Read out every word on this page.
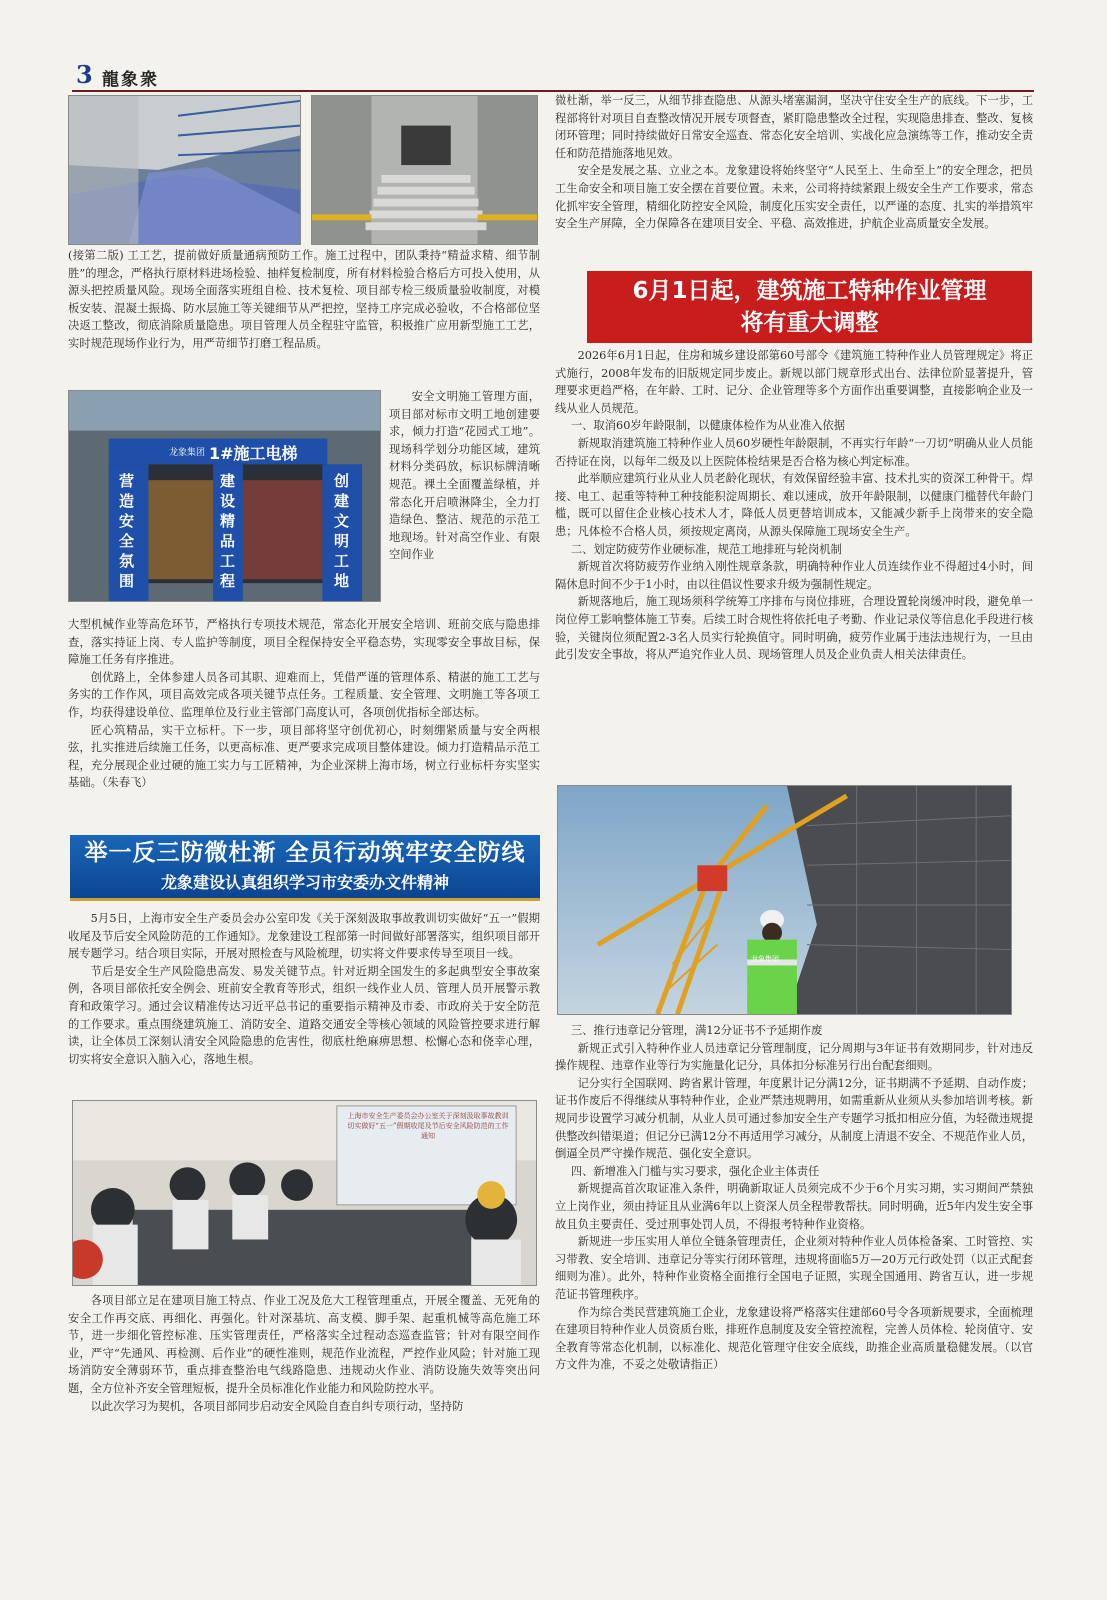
3 龍象衆

(接第二版) 工工艺，提前做好质量通病预防工作。施工过程中，团队秉持“精益求精、细节制胜”的理念，严格执行原材料进场检验、抽样复检制度，所有材料检验合格后方可投入使用，从源头把控质量风险。现场全面落实班组自检、技术复检、项目部专检三级质量验收制度，对模板安装、混凝土振捣、防水层施工等关键细节从严把控，坚持工序完成必验收，不合格部位坚决返工整改，彻底消除质量隐患。项目管理人员全程驻守监管，积极推广应用新型施工工艺，实时规范现场作业行为，用严苛细节打磨工程品质。

龙象集团 1#施工电梯
营造安全氛围
建设精品工程
创建文明工地

安全文明施工管理方面，项目部对标市文明工地创建要求，倾力打造“花园式工地”。现场科学划分功能区域，建筑材料分类码放，标识标牌清晰规范。裸土全面覆盖绿植，并常态化开启喷淋降尘，全力打造绿色、整洁、规范的示范工地现场。针对高空作业、有限空间作业

大型机械作业等高危环节，严格执行专项技术规范，常态化开展安全培训、班前交底与隐患排查，落实持证上岗、专人监护等制度，项目全程保持安全平稳态势，实现零安全事故目标，保障施工任务有序推进。

创优路上，全体参建人员各司其职、迎难而上，凭借严谨的管理体系、精湛的施工工艺与务实的工作作风，项目高效完成各项关键节点任务。工程质量、安全管理、文明施工等各项工作，均获得建设单位、监理单位及行业主管部门高度认可，各项创优指标全部达标。

匠心筑精品，实干立标杆。下一步，项目部将坚守创优初心，时刻绷紧质量与安全两根弦，扎实推进后续施工任务，以更高标准、更严要求完成项目整体建设。倾力打造精品示范工程，充分展现企业过硬的施工实力与工匠精神，为企业深耕上海市场，树立行业标杆夯实坚实基础。（朱春飞）

举一反三防微杜渐 全员行动筑牢安全防线
龙象建设认真组织学习市安委办文件精神

5月5日，上海市安全生产委员会办公室印发《关于深刻汲取事故教训切实做好“五一”假期收尾及节后安全风险防范的工作通知》。龙象建设工程部第一时间做好部署落实，组织项目部开展专题学习。结合项目实际，开展对照检查与风险梳理，切实将文件要求传导至项目一线。

节后是安全生产风险隐患高发、易发关键节点。针对近期全国发生的多起典型安全事故案例，各项目部依托安全例会、班前安全教育等形式，组织一线作业人员、管理人员开展警示教育和政策学习。通过会议精准传达习近平总书记的重要指示精神及市委、市政府关于安全防范的工作要求。重点围绕建筑施工、消防安全、道路交通安全等核心领域的风险管控要求进行解读，让全体员工深刻认清安全风险隐患的危害性，彻底杜绝麻痹思想、松懈心态和侥幸心理，切实将安全意识入脑入心，落地生根。

上海市安全生产委员会办公室关于深刻汲取事故教训切实做好“五一”假期收尾及节后安全风险防范的工作通知

各项目部立足在建项目施工特点、作业工况及危大工程管理重点，开展全覆盖、无死角的安全工作再交底、再细化、再强化。针对深基坑、高支模、脚手架、起重机械等高危施工环节，进一步细化管控标准、压实管理责任，严格落实全过程动态巡查监管；针对有限空间作业，严守“先通风、再检测、后作业”的硬性准则，规范作业流程，严控作业风险；针对施工现场消防安全薄弱环节，重点排查整治电气线路隐患、违规动火作业、消防设施失效等突出问题，全方位补齐安全管理短板，提升全员标准化作业能力和风险防控水平。

以此次学习为契机，各项目部同步启动安全风险自查自纠专项行动，坚持防

微杜渐，举一反三，从细节排查隐患、从源头堵塞漏洞，坚决守住安全生产的底线。下一步，工程部将针对项目自查整改情况开展专项督查，紧盯隐患整改全过程，实现隐患排查、整改、复核闭环管理；同时持续做好日常安全巡查、常态化安全培训、实战化应急演练等工作，推动安全责任和防范措施落地见效。

安全是发展之基、立业之本。龙象建设将始终坚守“人民至上、生命至上”的安全理念，把员工生命安全和项目施工安全摆在首要位置。未来，公司将持续紧跟上级安全生产工作要求，常态化抓牢安全管理，精细化防控安全风险，制度化压实安全责任，以严谨的态度、扎实的举措筑牢安全生产屏障，全力保障各在建项目安全、平稳、高效推进，护航企业高质量安全发展。

6月1日起，建筑施工特种作业管理
将有重大调整

2026年6月1日起，住房和城乡建设部第60号部令《建筑施工特种作业人员管理规定》将正式施行，2008年发布的旧版规定同步废止。新规以部门规章形式出台、法律位阶显著提升，管理要求更趋严格，在年龄、工时、记分、企业管理等多个方面作出重要调整，直接影响企业及一线从业人员规范。

一、取消60岁年龄限制，以健康体检作为从业准入依据

新规取消建筑施工特种作业人员60岁硬性年龄限制，不再实行年龄“一刀切”明确从业人员能否持证在岗，以每年二级及以上医院体检结果是否合格为核心判定标准。

此举顺应建筑行业从业人员老龄化现状，有效保留经验丰富、技术扎实的资深工种骨干。焊接、电工、起重等特种工种技能积淀周期长、难以速成，放开年龄限制，以健康门槛替代年龄门槛，既可以留住企业核心技术人才，降低人员更替培训成本，又能减少新手上岗带来的安全隐患；凡体检不合格人员，须按规定离岗，从源头保障施工现场安全生产。

二、划定防疲劳作业硬标准，规范工地排班与轮岗机制

新规首次将防疲劳作业纳入刚性规章条款，明确特种作业人员连续作业不得超过4小时，间隔休息时间不少于1小时，由以往倡议性要求升级为强制性规定。

新规落地后，施工现场须科学统筹工序排布与岗位排班，合理设置轮岗缓冲时段，避免单一岗位停工影响整体施工节奏。后续工时合规性将依托电子考勤、作业记录仪等信息化手段进行核验，关键岗位须配置2-3名人员实行轮换值守。同时明确，疲劳作业属于违法违规行为，一旦由此引发安全事故，将从严追究作业人员、现场管理人员及企业负责人相关法律责任。

龙象集团

三、推行违章记分管理，满12分证书不予延期作废

新规正式引入特种作业人员违章记分管理制度，记分周期与3年证书有效期同步，针对违反操作规程、违章作业等行为实施量化记分，具体扣分标准另行出台配套细则。

记分实行全国联网、跨省累计管理，年度累计记分满12分，证书期满不予延期、自动作废；证书作废后不得继续从事特种作业，企业严禁违规聘用，如需重新从业须从头参加培训考核。新规同步设置学习减分机制，从业人员可通过参加安全生产专题学习抵扣相应分值，为轻微违规提供整改纠错渠道；但记分已满12分不再适用学习减分，从制度上清退不安全、不规范作业人员，倒逼全员严守操作规范、强化安全意识。

四、新增准入门槛与实习要求，强化企业主体责任

新规提高首次取证准入条件，明确新取证人员须完成不少于6个月实习期，实习期间严禁独立上岗作业，须由持证且从业满6年以上资深人员全程带教帮扶。同时明确，近5年内发生安全事故且负主要责任、受过刑事处罚人员，不得报考特种作业资格。

新规进一步压实用人单位全链条管理责任，企业须对特种作业人员体检备案、工时管控、实习带教、安全培训、违章记分等实行闭环管理，违规将面临5万—20万元行政处罚（以正式配套细则为准）。此外，特种作业资格全面推行全国电子证照，实现全国通用、跨省互认，进一步规范证书管理秩序。

作为综合类民营建筑施工企业，龙象建设将严格落实住建部60号令各项新规要求，全面梳理在建项目特种作业人员资质台账，排班作息制度及安全管控流程，完善人员体检、轮岗值守、安全教育等常态化机制，以标准化、规范化管理守住安全底线，助推企业高质量稳健发展。（以官方文件为准，不妥之处敬请指正）
